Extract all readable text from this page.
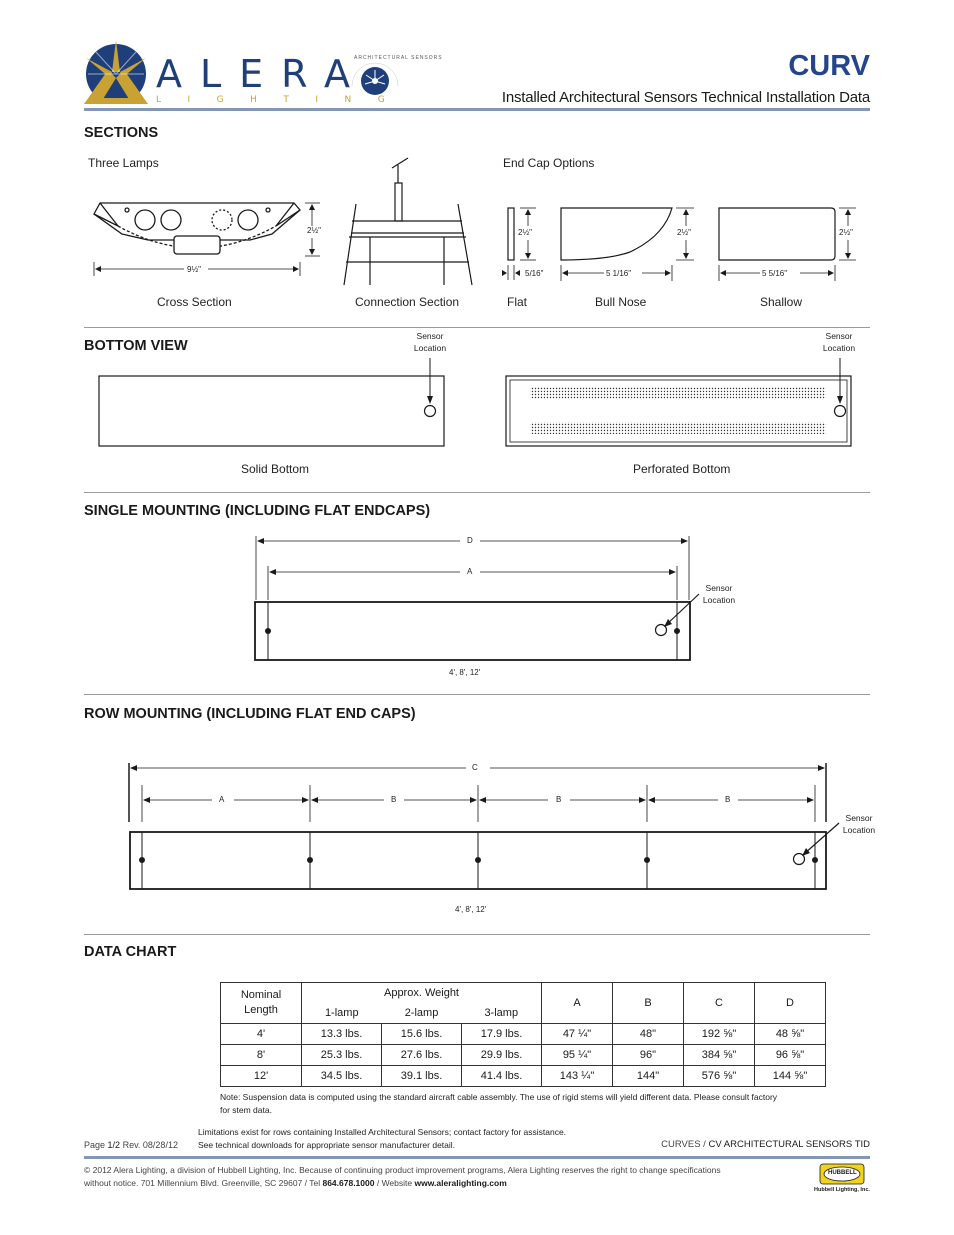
ALERA
LIGHTING
ARCHITECTURAL SENSORS	CURV
Installed Architectural Sensors Technical Installation Data
SECTIONS
Three Lamps	End Cap Options
2½"
9½"
2½"
5/16"
2½"
5 1/16"
2½"
5 5/16"
Cross Section	Connection Section	Flat	Bull Nose	Shallow
BOTTOM VIEW
Sensor
Location
Sensor
Location
Solid Bottom	Perforated Bottom
SINGLE MOUNTING (INCLUDING FLAT ENDCAPS)
D
A
Sensor
Location
4', 8', 12'
ROW MOUNTING (INCLUDING FLAT END CAPS)
C
A	B	B	B
Sensor
Location
4', 8', 12'
DATA CHART
Nominal
Length	Approx. Weight			A	B	C	D
	1-lamp	2-lamp	3-lamp				
4'	13.3 lbs.	15.6 lbs.	17.9 lbs.	47 ¼"	48"	192 ⅝"	48 ⅝"
8'	25.3 lbs.	27.6 lbs.	29.9 lbs.	95 ¼"	96"	384 ⅝"	96 ⅝"
12'	34.5 lbs.	39.1 lbs.	41.4 lbs.	143 ¼"	144"	576 ⅝"	144 ⅝"
Note: Suspension data is computed using the standard aircraft cable assembly. The use of rigid stems will yield different data. Please consult factory for stem data.
Limitations exist for rows containing Installed Architectural Sensors; contact factory for assistance.
See technical downloads for appropriate sensor manufacturer detail.
Page 1/2 Rev. 08/28/12	CURVES / CV ARCHITECTURAL SENSORS TID
© 2012 Alera Lighting, a division of Hubbell Lighting, Inc. Because of continuing product improvement programs, Alera Lighting reserves the right to change specifications
without notice. 701 Millennium Blvd. Greenville, SC 29607 / Tel 864.678.1000 / Website www.aleralighting.com
HUBBELL
Hubbell Lighting, Inc.
